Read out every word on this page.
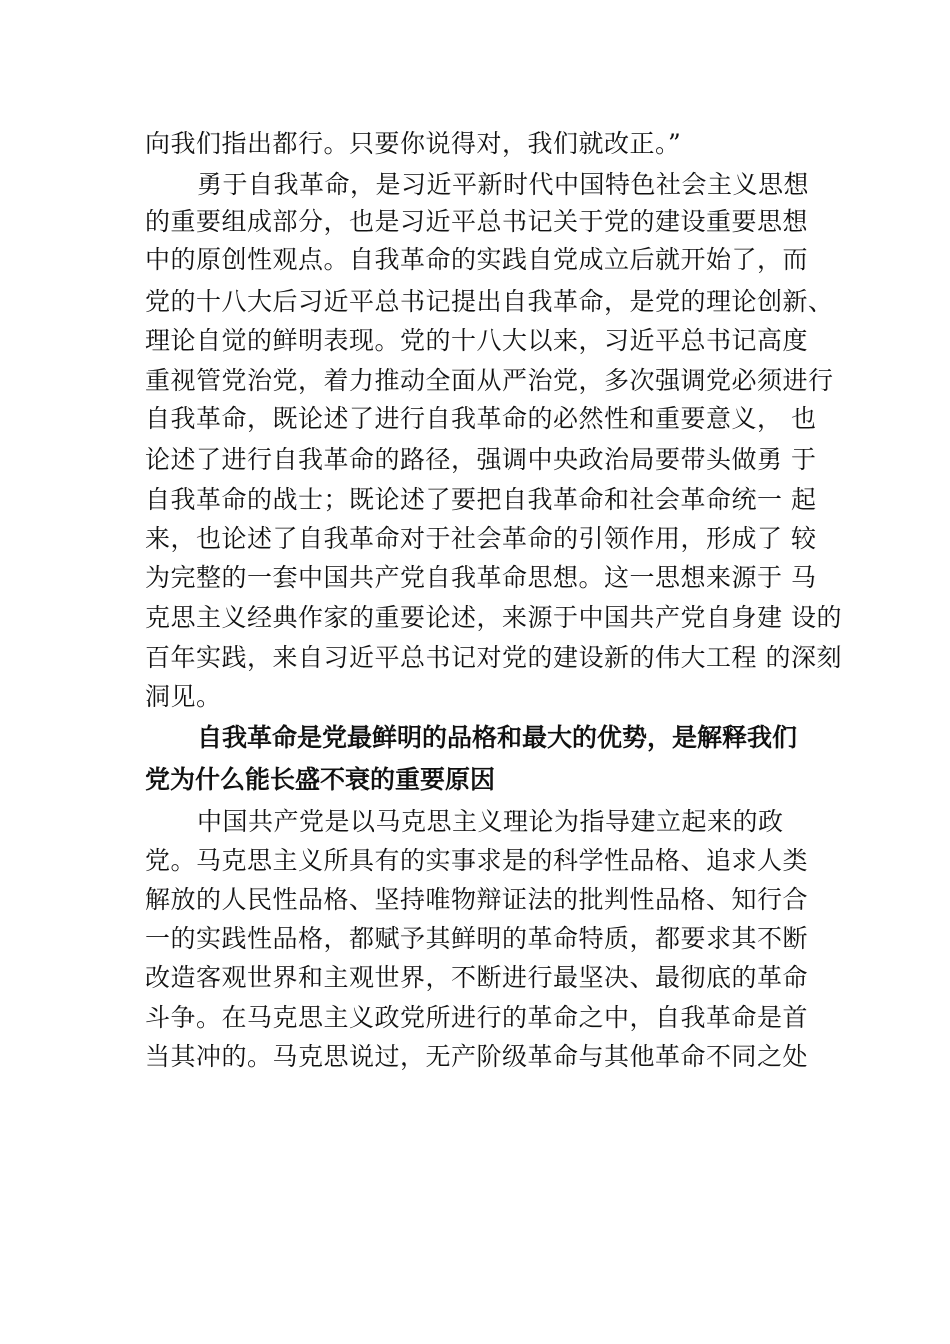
向我们指出都行。只要你说得对，我们就改正。”
勇于自我革命，是习近平新时代中国特色社会主义思想
的重要组成部分，也是习近平总书记关于党的建设重要思想
中的原创性观点。自我革命的实践自党成立后就开始了，而
党的十八大后习近平总书记提出自我革命，是党的理论创新、
理论自觉的鲜明表现。党的十八大以来，习近平总书记高度
重视管党治党，着力推动全面从严治党，多次强调党必须进行
自我革命，既论述了进行自我革命的必然性和重要意义， 也
论述了进行自我革命的路径，强调中央政治局要带头做勇 于
自我革命的战士；既论述了要把自我革命和社会革命统一 起
来，也论述了自我革命对于社会革命的引领作用，形成了 较
为完整的一套中国共产党自我革命思想。这一思想来源于 马
克思主义经典作家的重要论述，来源于中国共产党自身建 设的
百年实践，来自习近平总书记对党的建设新的伟大工程 的深刻
洞见。
自我革命是党最鲜明的品格和最大的优势，是解释我们
党为什么能长盛不衰的重要原因
中国共产党是以马克思主义理论为指导建立起来的政
党。马克思主义所具有的实事求是的科学性品格、追求人类
解放的人民性品格、坚持唯物辩证法的批判性品格、知行合
一的实践性品格，都赋予其鲜明的革命特质，都要求其不断
改造客观世界和主观世界，不断进行最坚决、最彻底的革命
斗争。在马克思主义政党所进行的革命之中，自我革命是首
当其冲的。马克思说过，无产阶级革命与其他革命不同之处
